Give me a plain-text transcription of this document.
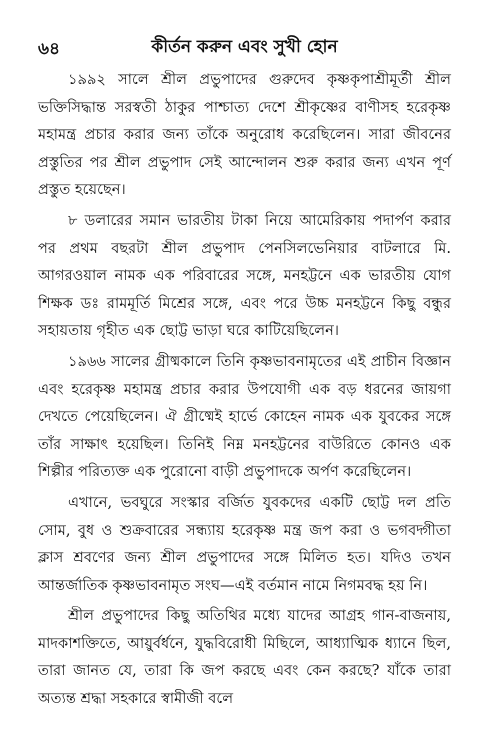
৬৪	কীর্তন করুন এবং সুখী হোন

১৯৯২ সালে শ্রীল প্রভুপাদের গুরুদেব কৃষ্ণকৃপাশ্রীমূর্তী শ্রীল ভক্তিসিদ্ধান্ত সরস্বতী ঠাকুর পাশ্চাত্য দেশে শ্রীকৃষ্ণের বাণীসহ হরেকৃষ্ণ মহামন্ত্র প্রচার করার জন্য তাঁকে অনুরোধ করেছিলেন। সারা জীবনের প্রস্তুতির পর শ্রীল প্রভুপাদ সেই আন্দোলন শুরু করার জন্য এখন পূর্ণ প্রস্তুত হয়েছেন।

৮ ডলারের সমান ভারতীয় টাকা নিয়ে আমেরিকায় পদার্পণ করার পর প্রথম বছরটা শ্রীল প্রভুপাদ পেনসিলভেনিয়ার বাটলারে মি. আগরওয়াল নামক এক পরিবারের সঙ্গে, মনহট্টনে এক ভারতীয় যোগ শিক্ষক ডঃ রামমূর্তি মিশ্রের সঙ্গে, এবং পরে উচ্চ মনহট্টনে কিছু বন্ধুর সহায়তায় গৃহীত এক ছোট্ট ভাড়া ঘরে কাটিয়েছিলেন।

১৯৬৬ সালের গ্রীষ্মকালে তিনি কৃষ্ণভাবনামৃতের এই প্রাচীন বিজ্ঞান এবং হরেকৃষ্ণ মহামন্ত্র প্রচার করার উপযোগী এক বড় ধরনের জায়গা দেখতে পেয়েছিলেন। ঐ গ্রীষ্মেই হার্ভে কোহেন নামক এক যুবকের সঙ্গে তাঁর সাক্ষাৎ হয়েছিল। তিনিই নিম্ন মনহট্টনের বাউরিতে কোনও এক শিল্পীর পরিত্যক্ত এক পুরোনো বাড়ী প্রভুপাদকে অর্পণ করেছিলেন।

এখানে, ভবঘুরে সংস্কার বর্জিত যুবকদের একটি ছোট্ট দল প্রতি সোম, বুধ ও শুক্রবারের সন্ধ্যায় হরেকৃষ্ণ মন্ত্র জপ করা ও ভগবদ্গীতা ক্লাস শ্রবণের জন্য শ্রীল প্রভুপাদের সঙ্গে মিলিত হত। যদিও তখন আন্তর্জাতিক কৃষ্ণভাবনামৃত সংঘ—এই বর্তমান নামে নিগমবদ্ধ হয় নি।

শ্রীল প্রভুপাদের কিছু অতিথির মধ্যে যাদের আগ্রহ গান-বাজনায়, মাদকাশক্তিতে, আয়ুর্বর্ধনে, যুদ্ধবিরোধী মিছিলে, আধ্যাত্মিক ধ্যানে ছিল, তারা জানত যে, তারা কি জপ করছে এবং কেন করছে? যাঁকে তারা অত্যন্ত শ্রদ্ধা সহকারে স্বামীজী বলে
